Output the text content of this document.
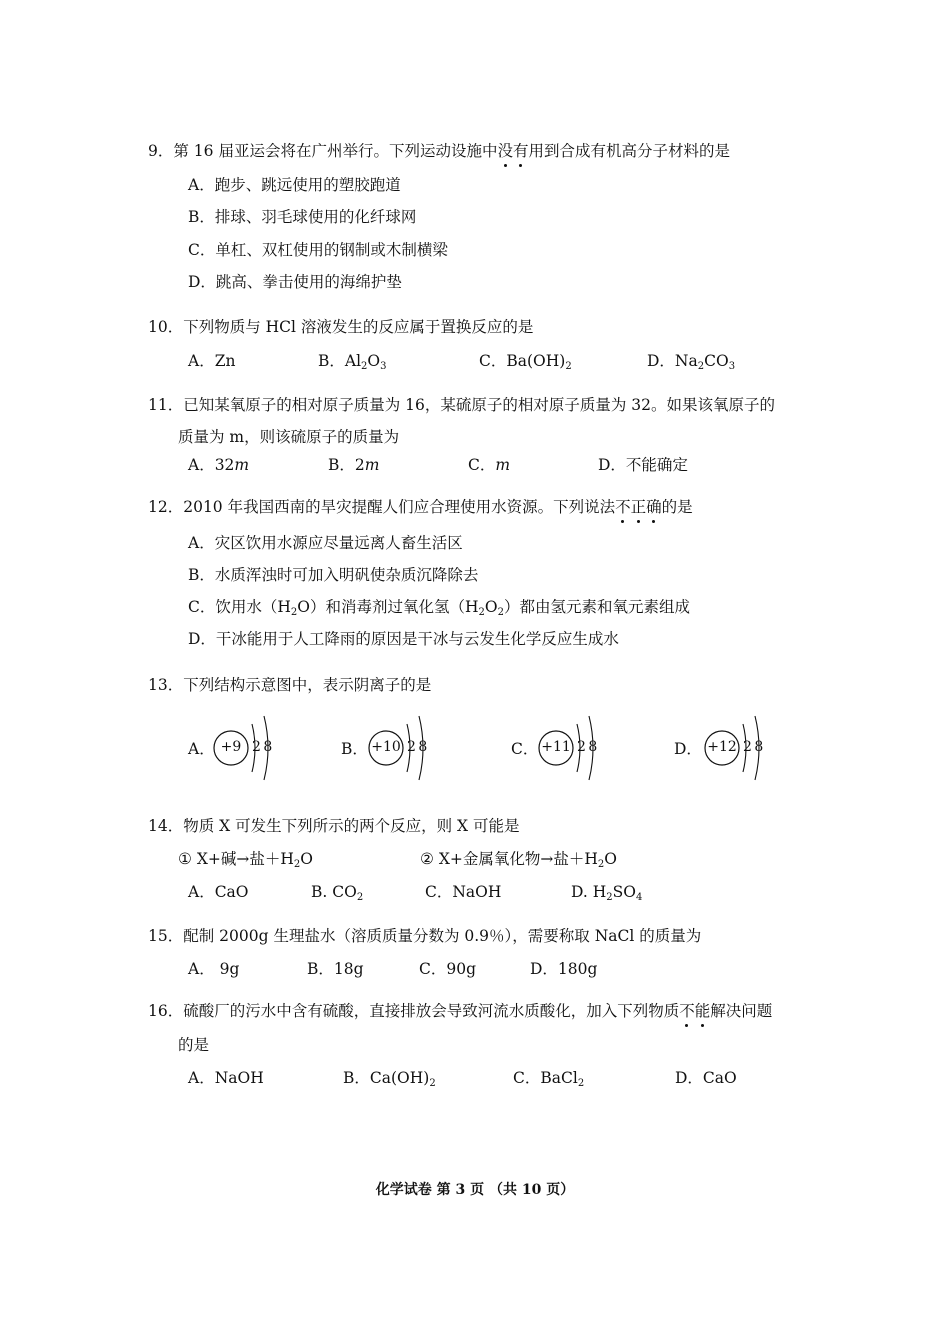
9．第 16 届亚运会将在广州举行。下列运动设施中没有用到合成有机高分子材料的是
A．跑步、跳远使用的塑胶跑道
B．排球、羽毛球使用的化纤球网
C．单杠、双杠使用的钢制或木制横梁
D．跳高、拳击使用的海绵护垫
10．下列物质与 HCl 溶液发生的反应属于置换反应的是
A．Zn	B．$Al_2O_3$	C．$Ba(OH)_2$	D．$Na_2CO_3$
11．已知某氧原子的相对原子质量为 16，某硫原子的相对原子质量为 32。如果该氧原子的
质量为 m，则该硫原子的质量为
A．32m	B．2m	C．m	D．不能确定
12．2010 年我国西南的旱灾提醒人们应合理使用水资源。下列说法不正确的是
A．灾区饮用水源应尽量远离人畜生活区
B．水质浑浊时可加入明矾使杂质沉降除去
C．饮用水$(H_2O)$和消毒剂过氧化氢$(H_2O_2)$都由氢元素和氧元素组成
D．干冰能用于人工降雨的原因是干冰与云发生化学反应生成水
13．下列结构示意图中，表示阴离子的是
A． +9 2 8	B． +10 2 8	C． +11 2 8	D． +12 2 8
14．物质 X 可发生下列所示的两个反应，则 X 可能是
① X+碱→盐$+H_2O$	② X+金属氧化物→盐$+H_2O$
A．CaO	B. $CO_2$	C．NaOH	D. $H_2SO_4$
15．配制 2000g 生理盐水（溶质质量分数为 0.9％），需要称取 NaCl 的质量为
A． 9g	B．18g	C．90g	D．180g
16．硫酸厂的污水中含有硫酸，直接排放会导致河流水质酸化，加入下列物质不能解决问题
的是
A．NaOH	B．$Ca(OH)_2$	C．BaCl$_2$	D．CaO
化学试卷 第 3 页 （共 10 页）
